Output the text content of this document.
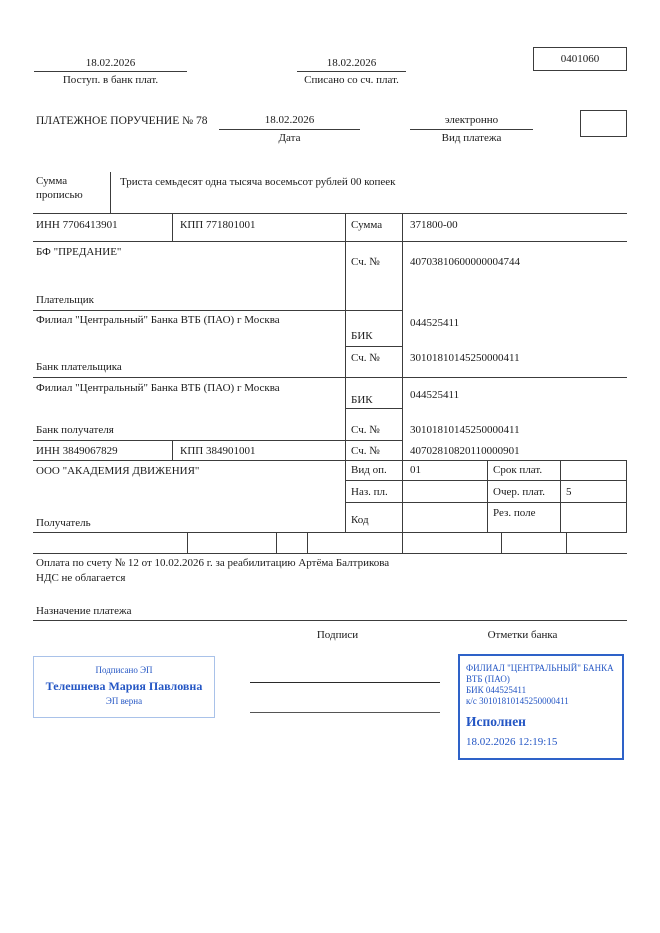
18.02.2026
Поступ. в банк плат.
18.02.2026
Списано со сч. плат.
0401060
ПЛАТЕЖНОЕ ПОРУЧЕНИЕ № 78	18.02.2026
Дата
электронно
Вид платежа
Сумма прописью
Триста семьдесят одна тысяча восемьсот рублей 00 копеек
ИНН 7706413901	КПП 771801001	Сумма	371800-00
БФ "ПРЕДАНИЕ"
Плательщик
Сч. №	40703810600000004744
Филиал "Центральный" Банка ВТБ (ПАО) г Москва
Банк плательщика
БИК
044525411
Сч. №	30101810145250000411
Филиал "Центральный" Банка ВТБ (ПАО) г Москва
Банк получателя
БИК	044525411
Сч. №	30101810145250000411
ИНН 3849067829	КПП 384901001	Сч. №	40702810820110000901
ООО "АКАДЕМИЯ ДВИЖЕНИЯ"
Получатель
Вид оп. 01	Срок плат.
Наз. пл.	Очер. плат. 5
Код
Рез. поле
Оплата по счету № 12 от 10.02.2026 г. за реабилитацию Артёма Балтрикова
НДС не облагается
Назначение платежа
Подписи	Отметки банка
Подписано ЭП
Телешнева Мария Павловна
ЭП верна
ФИЛИАЛ "ЦЕНТРАЛЬНЫЙ" БАНКА
ВТБ (ПАО)
БИК 044525411
к/с 30101810145250000411
Исполнен
18.02.2026 12:19:15
